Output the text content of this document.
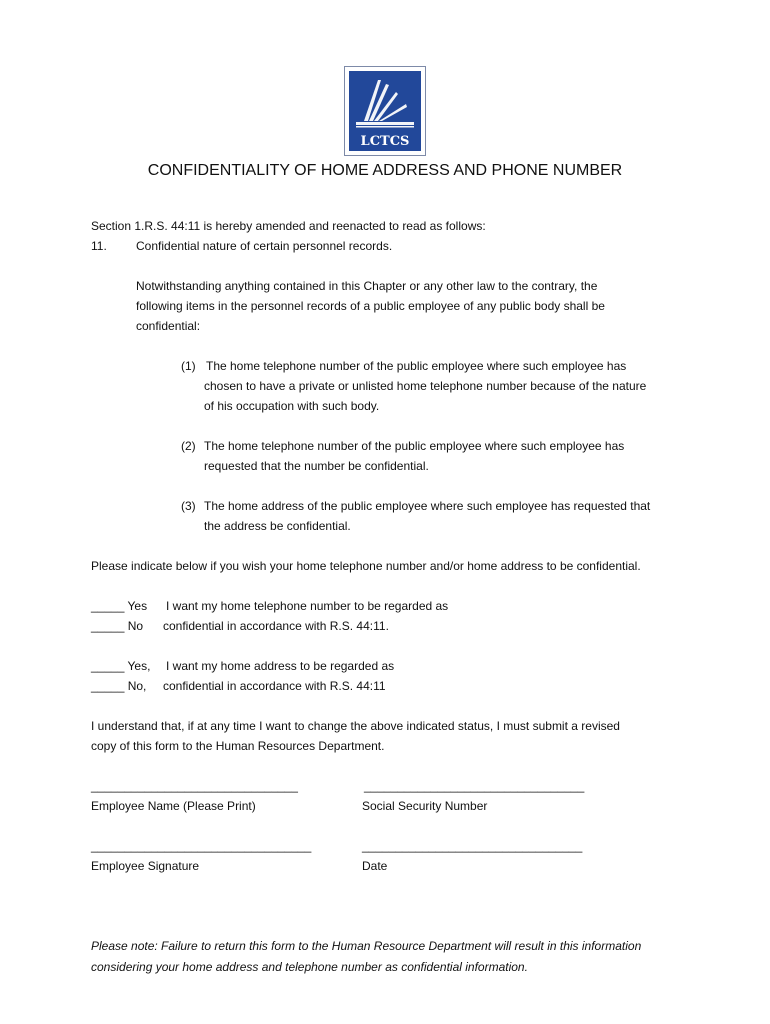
LCTCS
CONFIDENTIALITY OF HOME ADDRESS AND PHONE NUMBER
Section 1.R.S. 44:11 is hereby amended and reenacted to read as follows:
11. Confidential nature of certain personnel records.
Notwithstanding anything contained in this Chapter or any other law to the contrary, the
following items in the personnel records of a public employee of any public body shall be
confidential:
(1) The home telephone number of the public employee where such employee has
chosen to have a private or unlisted home telephone number because of the nature
of his occupation with such body.
(2) The home telephone number of the public employee where such employee has
requested that the number be confidential.
(3) The home address of the public employee where such employee has requested that
the address be confidential.
Please indicate below if you wish your home telephone number and/or home address to be confidential.
_____ Yes
_____ No
I want my home telephone number to be regarded as
confidential in accordance with R.S. 44:11.
_____ Yes,
_____ No,
I want my home address to be regarded as
confidential in accordance with R.S. 44:11
I understand that, if at any time I want to change the above indicated status, I must submit a revised
copy of this form to the Human Resources Department.
_______________________________
Employee Name (Please Print)
_________________________________
Social Security Number
_________________________________
Employee Signature
_________________________________
Date
Please note: Failure to return this form to the Human Resource Department will result in this information
considering your home address and telephone number as confidential information.
